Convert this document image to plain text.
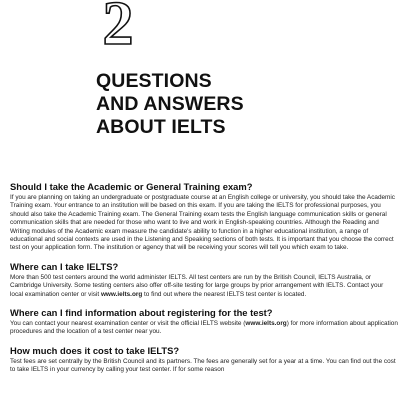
2
QUESTIONS
AND ANSWERS
ABOUT IELTS
Should I take the Academic or General Training exam?

If you are planning on taking an undergraduate or postgraduate course at an English college or university, you should take the Academic Training exam. Your entrance to an institution will be based on this exam. If you are taking the IELTS for professional purposes, you should also take the Academic Training exam. The General Training exam tests the English language communication skills or general communication skills that are needed for those who want to live and work in English-speaking countries. Although the Reading and Writing modules of the Academic exam measure the candidate's ability to function in a higher educational institution, a range of educational and social contexts are used in the Listening and Speaking sections of both tests. It is important that you choose the correct test on your application form. The institution or agency that will be receiving your scores will tell you which exam to take.

Where can I take IELTS?

More than 500 test centers around the world administer IELTS. All test centers are run by the British Council, IELTS Australia, or Cambridge University. Some testing centers also offer off-site testing for large groups by prior arrangement with IELTS. Contact your local examination center or visit www.ielts.org to find out where the nearest IELTS test center is located.

Where can I find information about registering for the test?

You can contact your nearest examination center or visit the official IELTS website (www.ielts.org) for more information about application procedures and the location of a test center near you.

How much does it cost to take IELTS?

Test fees are set centrally by the British Council and its partners. The fees are generally set for a year at a time. You can find out the cost to take IELTS in your currency by calling your test center. If for some reason
